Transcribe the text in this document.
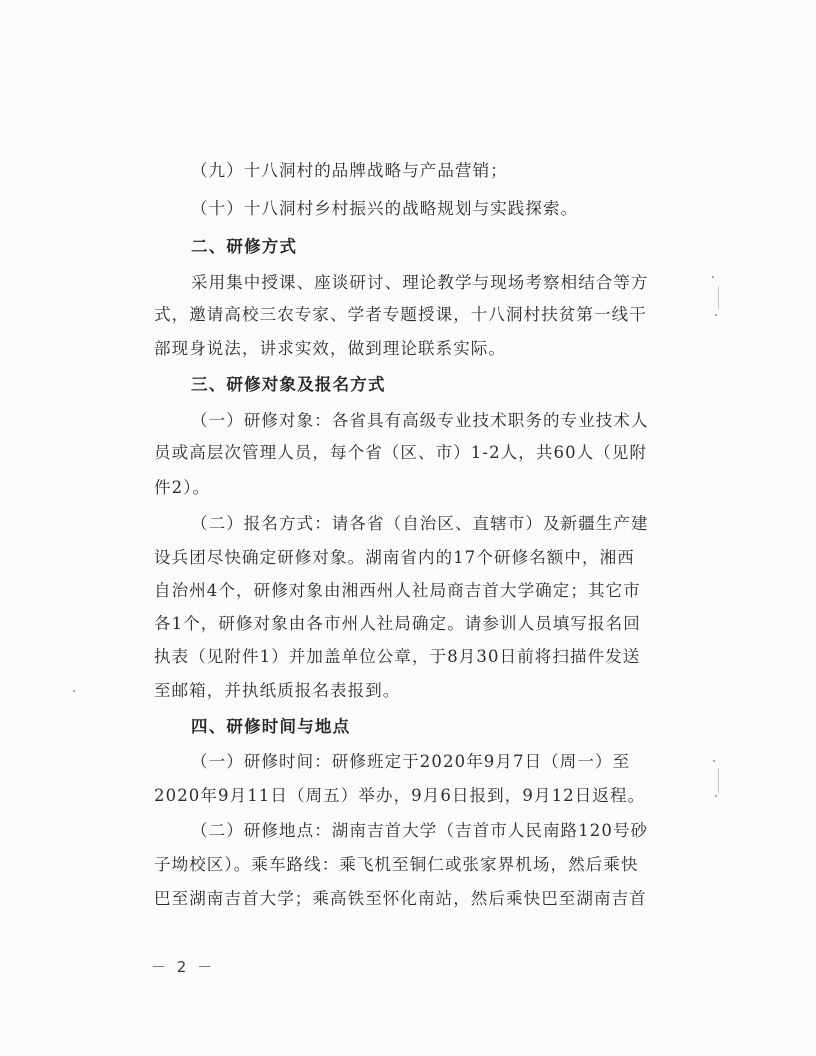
（九）十八洞村的品牌战略与产品营销；

（十）十八洞村乡村振兴的战略规划与实践探索。

二、研修方式

采用集中授课、座谈研讨、理论教学与现场考察相结合等方

式，邀请高校三农专家、学者专题授课，十八洞村扶贫第一线干

部现身说法，讲求实效，做到理论联系实际。

三、研修对象及报名方式

（一）研修对象：各省具有高级专业技术职务的专业技术人

员或高层次管理人员，每个省（区、市）1-2人，共60人（见附

件2）。

（二）报名方式：请各省（自治区、直辖市）及新疆生产建

设兵团尽快确定研修对象。湖南省内的17个研修名额中，湘西

自治州4个，研修对象由湘西州人社局商吉首大学确定；其它市

各1个，研修对象由各市州人社局确定。请参训人员填写报名回

执表（见附件1）并加盖单位公章，于8月30日前将扫描件发送

至邮箱，并执纸质报名表报到。

四、研修时间与地点

（一）研修时间：研修班定于2020年9月7日（周一）至

2020年9月11日（周五）举办，9月6日报到，9月12日返程。

（二）研修地点：湖南吉首大学（吉首市人民南路120号砂

子坳校区）。乘车路线：乘飞机至铜仁或张家界机场，然后乘快

巴至湖南吉首大学；乘高铁至怀化南站，然后乘快巴至湖南吉首

－ 2 －
